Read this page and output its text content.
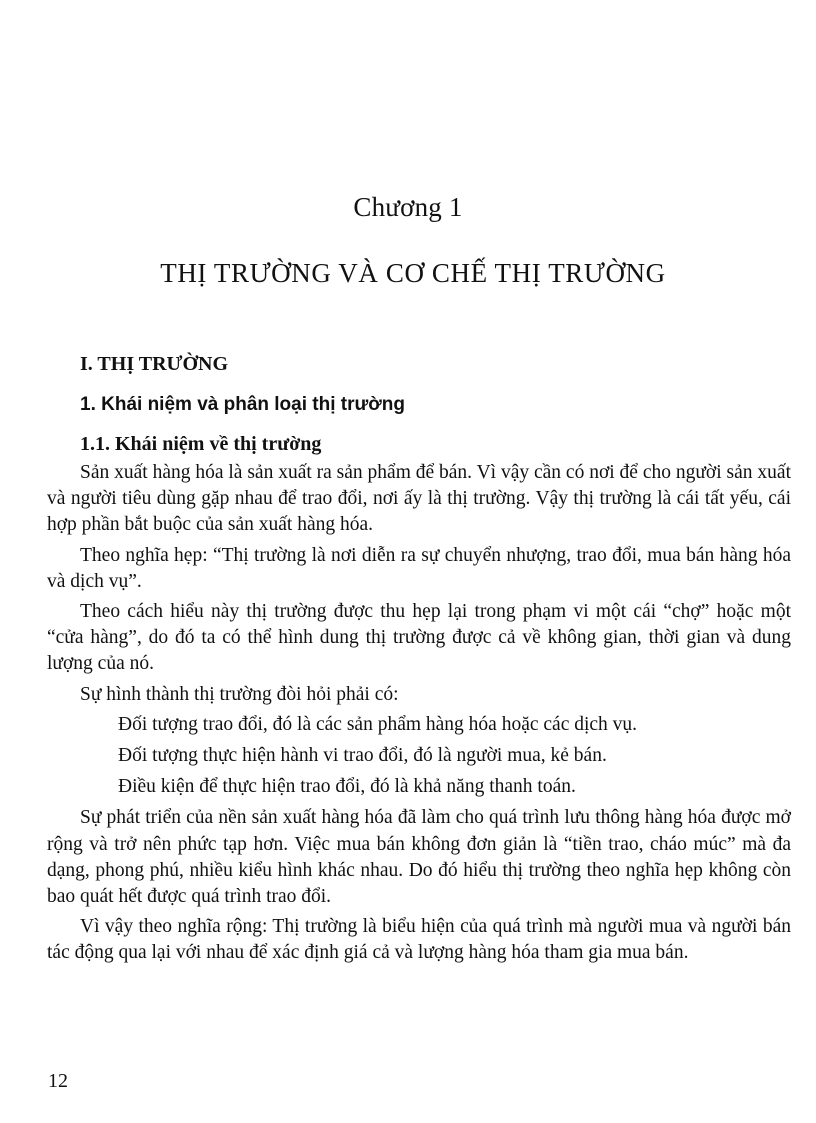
Chương 1
THỊ TRƯỜNG VÀ CƠ CHẾ THỊ TRƯỜNG
I. THỊ TRƯỜNG
1. Khái niệm và phân loại thị trường
1.1. Khái niệm về thị trường

Sản xuất hàng hóa là sản xuất ra sản phẩm để bán. Vì vậy cần có nơi để cho người sản xuất và người tiêu dùng gặp nhau để trao đổi, nơi ấy là thị trường. Vậy thị trường là cái tất yếu, cái hợp phần bắt buộc của sản xuất hàng hóa.

Theo nghĩa hẹp: “Thị trường là nơi diễn ra sự chuyển nhượng, trao đổi, mua bán hàng hóa và dịch vụ”.

Theo cách hiểu này thị trường được thu hẹp lại trong phạm vi một cái “chợ” hoặc một “cửa hàng”, do đó ta có thể hình dung thị trường được cả về không gian, thời gian và dung lượng của nó.

Sự hình thành thị trường đòi hỏi phải có:

Đối tượng trao đổi, đó là các sản phẩm hàng hóa hoặc các dịch vụ.

Đối tượng thực hiện hành vi trao đổi, đó là người mua, kẻ bán.

Điều kiện để thực hiện trao đổi, đó là khả năng thanh toán.

Sự phát triển của nền sản xuất hàng hóa đã làm cho quá trình lưu thông hàng hóa được mở rộng và trở nên phức tạp hơn. Việc mua bán không đơn giản là “tiền trao, cháo múc” mà đa dạng, phong phú, nhiều kiểu hình khác nhau. Do đó hiểu thị trường theo nghĩa hẹp không còn bao quát hết được quá trình trao đổi.

Vì vậy theo nghĩa rộng: Thị trường là biểu hiện của quá trình mà người mua và người bán tác động qua lại với nhau để xác định giá cả và lượng hàng hóa tham gia mua bán.

12
